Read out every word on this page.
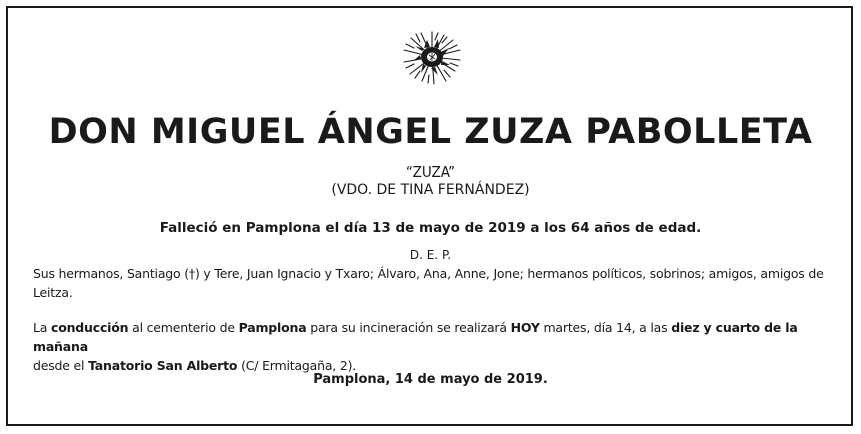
DON MIGUEL ÁNGEL ZUZA PABOLLETA
“ZUZA”
(VDO. DE TINA FERNÁNDEZ)
Falleció en Pamplona el día 13 de mayo de 2019 a los 64 años de edad.
D. E. P.
Sus hermanos, Santiago (†) y Tere, Juan Ignacio y Txaro; Álvaro, Ana, Anne, Jone; hermanos políticos, sobrinos; amigos, amigos de Leitza.
La conducción al cementerio de Pamplona para su incineración se realizará HOY martes, día 14, a las diez y cuarto de la mañana
desde el Tanatorio San Alberto (C/ Ermitagaña, 2).
Pamplona, 14 de mayo de 2019.
